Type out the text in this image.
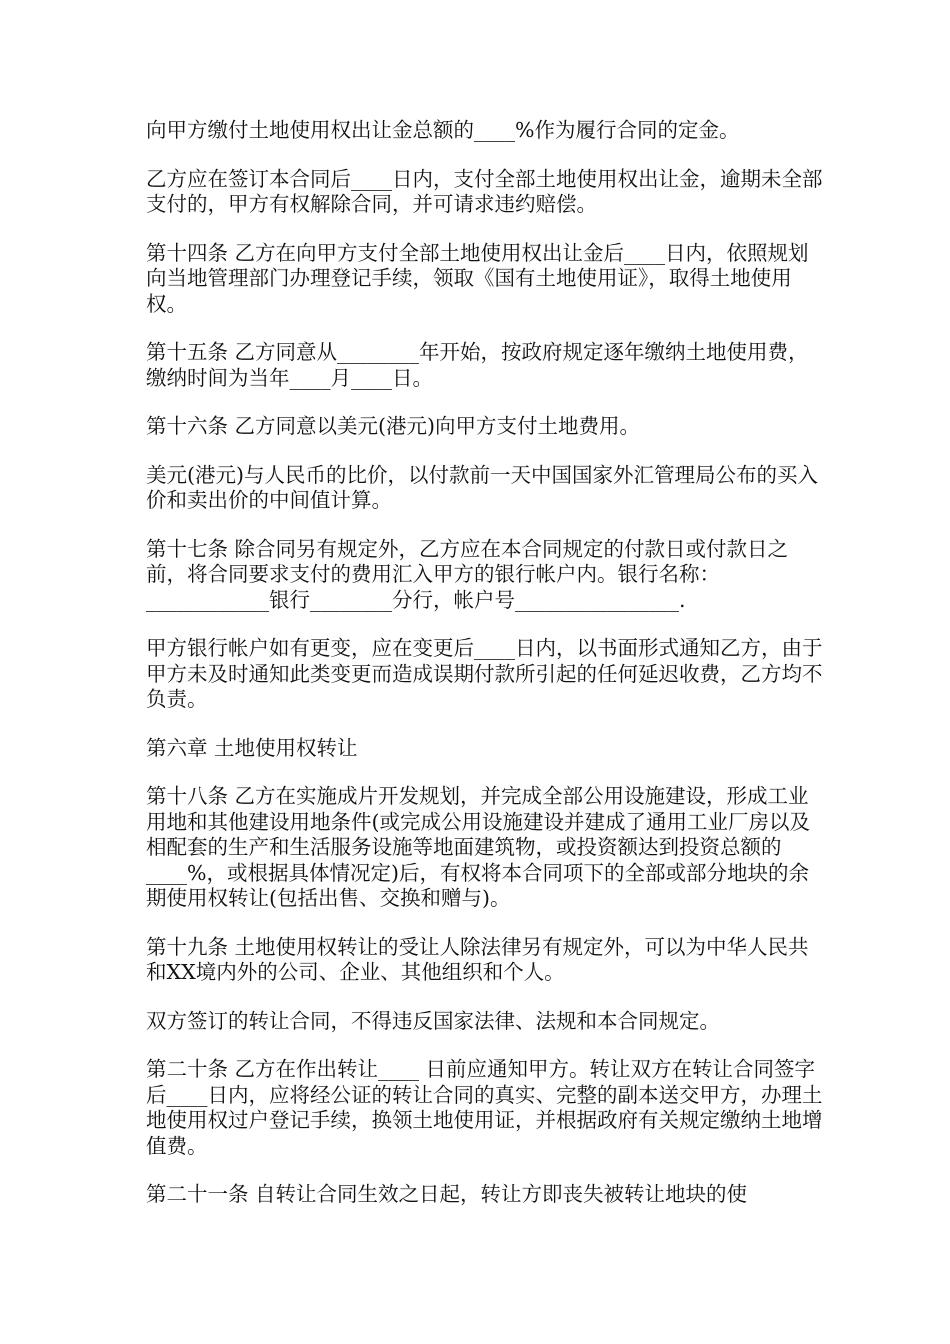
向甲方缴付土地使用权出让金总额的____%作为履行合同的定金。

乙方应在签订本合同后____日内，支付全部土地使用权出让金，逾期未全部支付的，甲方有权解除合同，并可请求违约赔偿。

第十四条 乙方在向甲方支付全部土地使用权出让金后____日内，依照规划向当地管理部门办理登记手续，领取《国有土地使用证》，取得土地使用权。

第十五条 乙方同意从________年开始，按政府规定逐年缴纳土地使用费，缴纳时间为当年____月____日。

第十六条 乙方同意以美元(港元)向甲方支付土地费用。

美元(港元)与人民币的比价，以付款前一天中国国家外汇管理局公布的买入价和卖出价的中间值计算。

第十七条 除合同另有规定外，乙方应在本合同规定的付款日或付款日之前，将合同要求支付的费用汇入甲方的银行帐户内。银行名称：____________银行________分行，帐户号________________.

甲方银行帐户如有更变，应在变更后____日内，以书面形式通知乙方，由于甲方未及时通知此类变更而造成误期付款所引起的任何延迟收费，乙方均不负责。

第六章 土地使用权转让

第十八条 乙方在实施成片开发规划，并完成全部公用设施建设，形成工业用地和其他建设用地条件(或完成公用设施建设并建成了通用工业厂房以及相配套的生产和生活服务设施等地面建筑物，或投资额达到投资总额的____%，或根据具体情况定)后，有权将本合同项下的全部或部分地块的余期使用权转让(包括出售、交换和赠与)。

第十九条 土地使用权转让的受让人除法律另有规定外，可以为中华人民共和XX境内外的公司、企业、其他组织和个人。

双方签订的转让合同，不得违反国家法律、法规和本合同规定。

第二十条 乙方在作出转让____ 日前应通知甲方。转让双方在转让合同签字后____日内，应将经公证的转让合同的真实、完整的副本送交甲方，办理土地使用权过户登记手续，换领土地使用证，并根据政府有关规定缴纳土地增值费。

第二十一条 自转让合同生效之日起，转让方即丧失被转让地块的使
